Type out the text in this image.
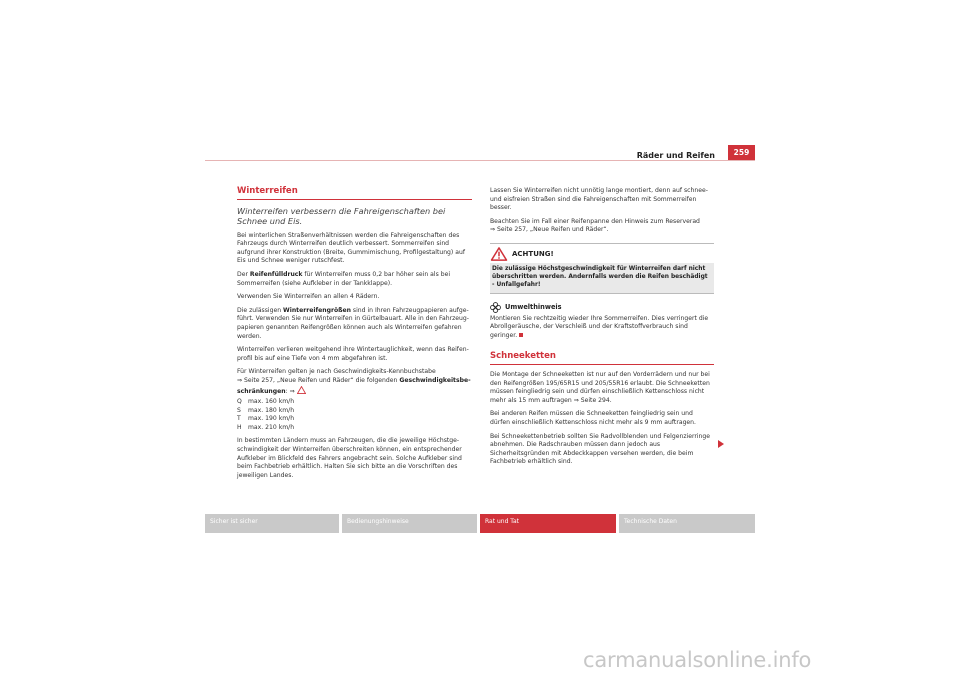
Räder und Reifen	259
Winterreifen

Winterreifen verbessern die Fahreigenschaften bei Schnee und Eis.

Bei winterlichen Straßenverhältnissen werden die Fahreigenschaften des Fahrzeugs durch Winterreifen deutlich verbessert. Sommerreifen sind aufgrund ihrer Konstruktion (Breite, Gummimischung, Profilgestaltung) auf Eis und Schnee weniger rutschfest.

Der Reifenfülldruck für Winterreifen muss 0,2 bar höher sein als bei Sommerreifen (siehe Aufkleber in der Tankklappe).

Verwenden Sie Winterreifen an allen 4 Rädern.

Die zulässigen Winterreifengrößen sind in Ihren Fahrzeugpapieren aufgeführt. Verwenden Sie nur Winterreifen in Gürtelbauart. Alle in den Fahrzeugpapieren genannten Reifengrößen können auch als Winterreifen gefahren werden.

Winterreifen verlieren weitgehend ihre Wintertauglichkeit, wenn das Reifenprofil bis auf eine Tiefe von 4 mm abgefahren ist.

Für Winterreifen gelten je nach Geschwindigkeits-Kennbuchstabe
⇒ Seite 257, „Neue Reifen und Räder“ die folgenden Geschwindigkeitsbeschränkungen: ⇒

Q	max. 160 km/h
S	max. 180 km/h
T	max. 190 km/h
H	max. 210 km/h

In bestimmten Ländern muss an Fahrzeugen, die die jeweilige Höchstgeschwindigkeit der Winterreifen überschreiten können, ein entsprechender Aufkleber im Blickfeld des Fahrers angebracht sein. Solche Aufkleber sind beim Fachbetrieb erhältlich. Halten Sie sich bitte an die Vorschriften des jeweiligen Landes.

Lassen Sie Winterreifen nicht unnötig lange montiert, denn auf schnee- und eisfreien Straßen sind die Fahreigenschaften mit Sommerreifen besser.

Beachten Sie im Fall einer Reifenpanne den Hinweis zum Reserverad
⇒ Seite 257, „Neue Reifen und Räder“.

ACHTUNG!
Die zulässige Höchstgeschwindigkeit für Winterreifen darf nicht überschritten werden. Andernfalls werden die Reifen beschädigt - Unfallgefahr!
Umwelthinweis

Montieren Sie rechtzeitig wieder Ihre Sommerreifen. Dies verringert die Abrollgeräusche, der Verschleiß und der Kraftstoffverbrauch sind geringer.

Schneeketten

Die Montage der Schneeketten ist nur auf den Vorderrädern und nur bei den Reifengrößen 195/65R15 und 205/55R16 erlaubt. Die Schneeketten müssen feingliedrig sein und dürfen einschließlich Kettenschloss nicht mehr als 15 mm auftragen ⇒ Seite 294.

Bei anderen Reifen müssen die Schneeketten feingliedrig sein und dürfen einschließlich Kettenschloss nicht mehr als 9 mm auftragen.

Bei Schneekettenbetrieb sollten Sie Radvollblenden und Felgenzierringe abnehmen. Die Radschrauben müssen dann jedoch aus Sicherheitsgründen mit Abdeckkappen versehen werden, die beim Fachbetrieb erhältlich sind.

Sicher ist sicher	Bedienungshinweise	Rat und Tat	Technische Daten
carmanualsonline.info
